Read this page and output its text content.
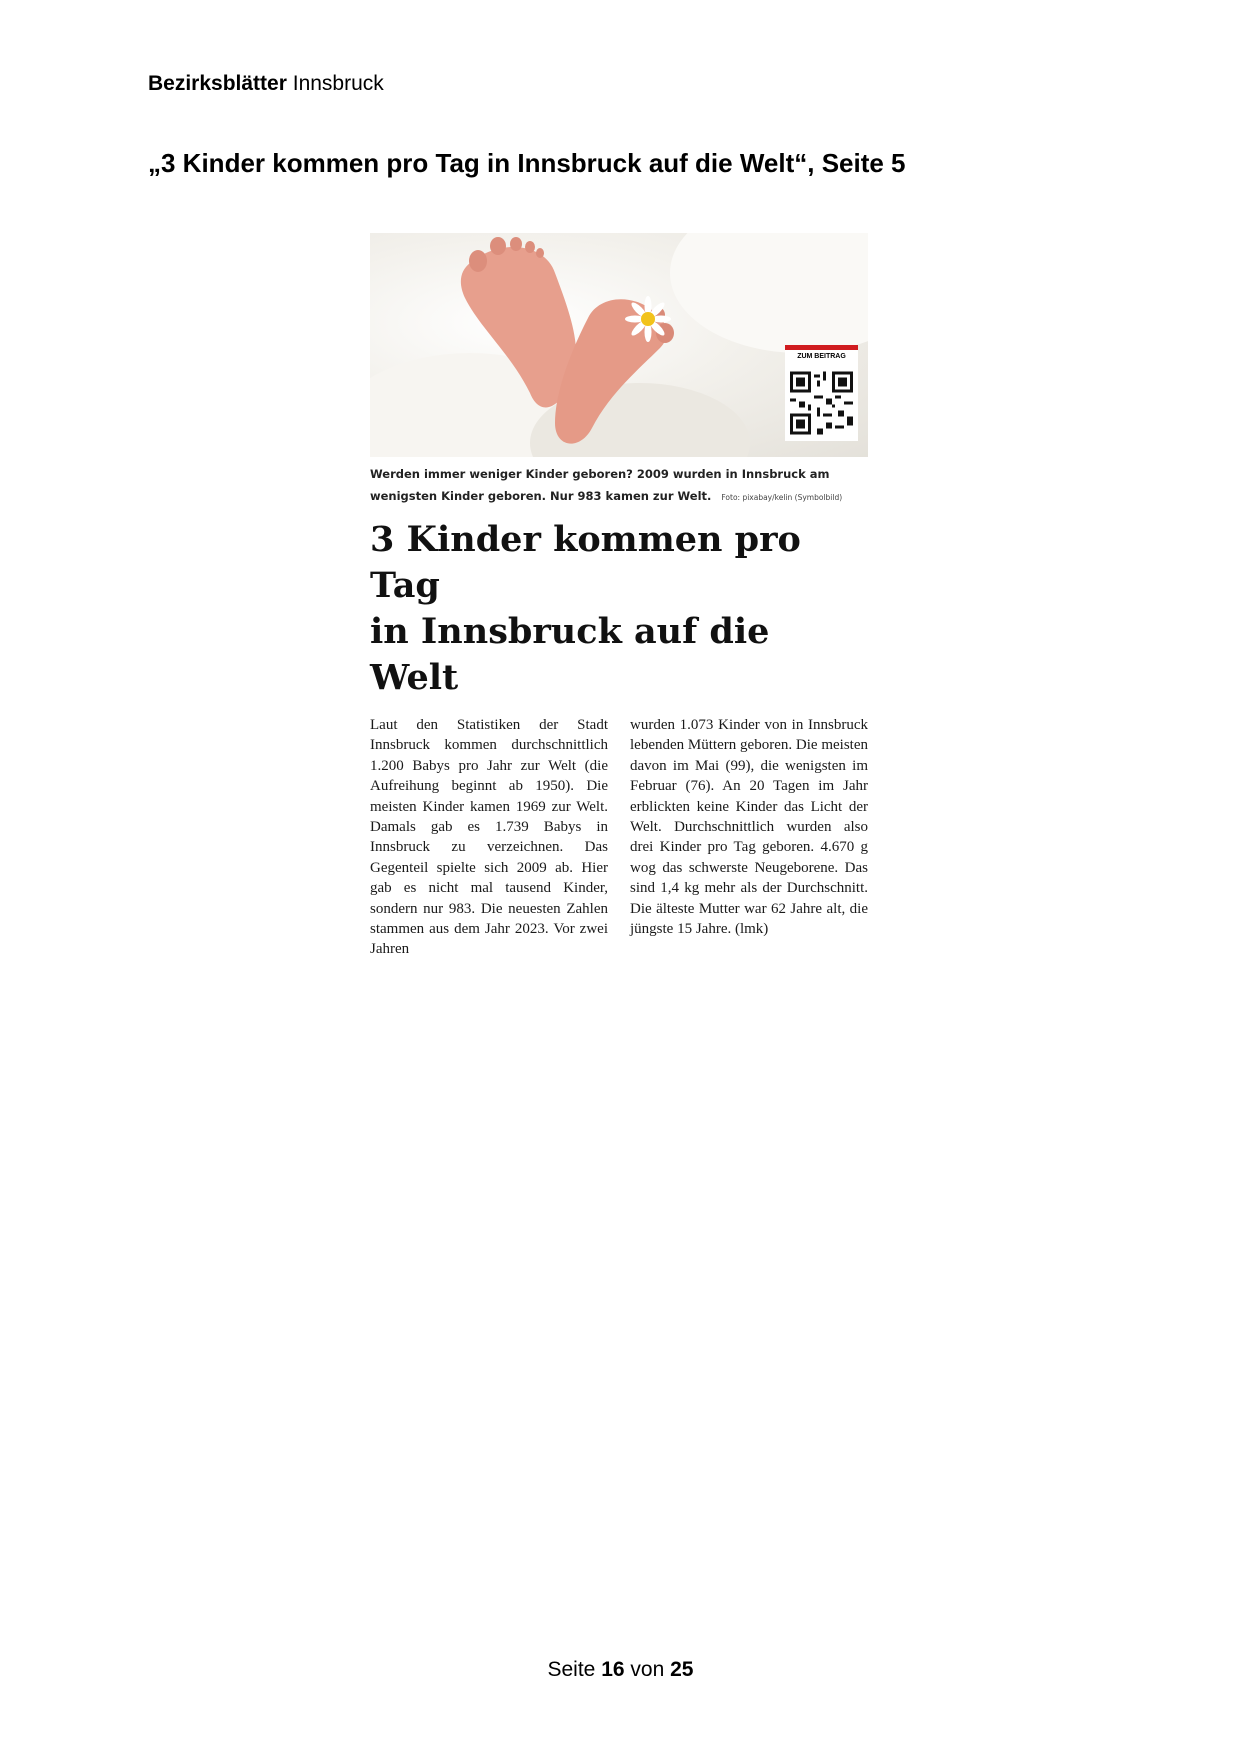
Bezirksblätter Innsbruck
„3 Kinder kommen pro Tag in Innsbruck auf die Welt“, Seite 5
ZUM BEITRAG
Werden immer weniger Kinder geboren? 2009 wurden in Innsbruck am wenigsten Kinder geboren. Nur 983 kamen zur Welt. Foto: pixabay/kelin (Symbolbild)
3 Kinder kommen pro Tag
in Innsbruck auf die Welt
Laut den Statistiken der Stadt Innsbruck kommen durchschnittlich 1.200 Babys pro Jahr zur Welt (die Aufreihung beginnt ab 1950). Die meisten Kinder kamen 1969 zur Welt. Damals gab es 1.739 Babys in Innsbruck zu verzeichnen. Das Gegenteil spielte sich 2009 ab. Hier gab es nicht mal tausend Kinder, sondern nur 983. Die neuesten Zahlen stammen aus dem Jahr 2023. Vor zwei Jahren
wurden 1.073 Kinder von in Innsbruck lebenden Müttern geboren. Die meisten davon im Mai (99), die wenigsten im Februar (76). An 20 Tagen im Jahr erblickten keine Kinder das Licht der Welt. Durchschnittlich wurden also drei Kinder pro Tag geboren. 4.670 g wog das schwerste Neugeborene. Das sind 1,4 kg mehr als der Durchschnitt. Die älteste Mutter war 62 Jahre alt, die jüngste 15 Jahre. (lmk)
Seite 16 von 25
